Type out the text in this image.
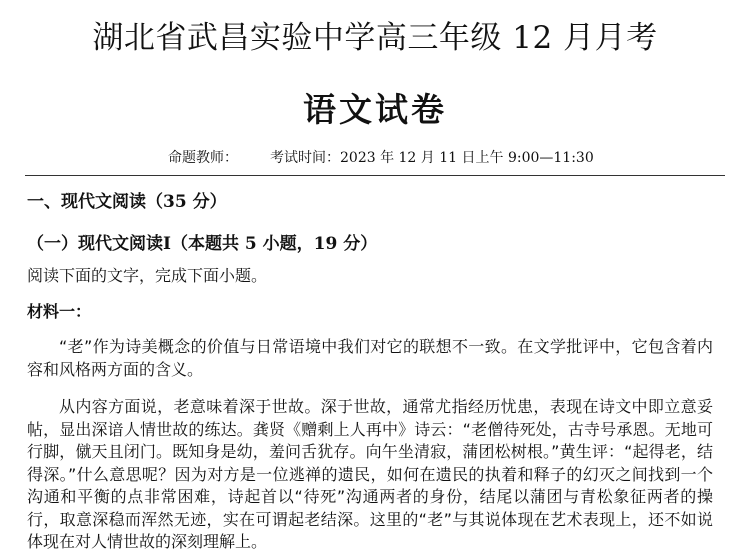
湖北省武昌实验中学高三年级 12 月月考
语文试卷
命题教师： 考试时间：2023 年 12 月 11 日上午 9:00—11:30
一、现代文阅读（35 分）
（一）现代文阅读Ⅰ（本题共 5 小题，19 分）
阅读下面的文字，完成下面小题。
材料一：
“老”作为诗美概念的价值与日常语境中我们对它的联想不一致。在文学批评中，它包含着内容和风格两方面的含义。
从内容方面说，老意味着深于世故。深于世故，通常尤指经历忧患，表现在诗文中即立意妥帖，显出深谙人情世故的练达。龚贤《赠剩上人再中》诗云：“老僧待死处，古寺号承恩。无地可行脚，僦天且闭门。既知身是幼，羞问舌犹存。向午坐清寂，蒲团松树根。”黄生评：“起得老，结得深。”什么意思呢？因为对方是一位逃禅的遗民，如何在遗民的执着和释子的幻灭之间找到一个沟通和平衡的点非常困难，诗起首以“待死”沟通两者的身份，结尾以蒲团与青松象征两者的操行，取意深稳而浑然无迹，实在可谓起老结深。这里的“老”与其说体现在艺术表现上，还不如说体现在对人情世故的深刻理解上。
